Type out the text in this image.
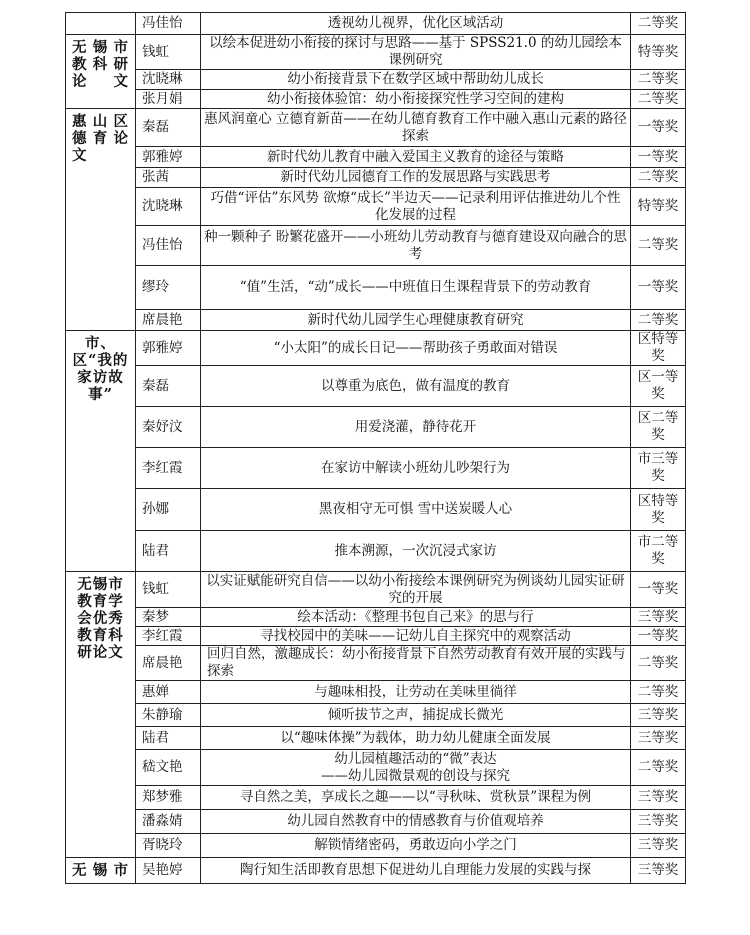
	冯佳怡	透视幼儿视界，优化区域活动	二等奖
无锡市教科研论文	钱虹	以绘本促进幼小衔接的探讨与思路——基于 SPSS21.0 的幼儿园绘本课例研究	特等奖
	沈晓琳	幼小衔接背景下在数学区域中帮助幼儿成长	二等奖
	张月娟	幼小衔接体验馆：幼小衔接探究性学习空间的建构	二等奖
惠山区德育论文	秦磊	惠风润童心 立德育新苗——在幼儿德育教育工作中融入惠山元素的路径探索	一等奖
	郭雅婷	新时代幼儿教育中融入爱国主义教育的途径与策略	一等奖
	张茜	新时代幼儿园德育工作的发展思路与实践思考	二等奖
	沈晓琳	巧借“评估”东风势 欲燎“成长”半边天——记录利用评估推进幼儿个性化发展的过程	特等奖
	冯佳怡	种一颗种子 盼繁花盛开——小班幼儿劳动教育与德育建设双向融合的思考	二等奖
	缪玲	“值”生活，“动”成长——中班值日生课程背景下的劳动教育	一等奖
	席晨艳	新时代幼儿园学生心理健康教育研究	二等奖
市、区“我的家访故事”	郭雅婷	“小太阳”的成长日记——帮助孩子勇敢面对错误	区特等奖
	秦磊	以尊重为底色，做有温度的教育	区一等奖
	秦妤汶	用爱浇灌，静待花开	区二等奖
	李红霞	在家访中解读小班幼儿吵架行为	市三等奖
	孙娜	黑夜相守无可惧 雪中送炭暖人心	区特等奖
	陆君	推本溯源，一次沉浸式家访	市二等奖
无锡市教育学会优秀教育科研论文	钱虹	以实证赋能研究自信——以幼小衔接绘本课例研究为例谈幼儿园实证研究的开展	一等奖
	秦梦	绘本活动：《整理书包自己来》的思与行	三等奖
	李红霞	寻找校园中的美味——记幼儿自主探究中的观察活动	一等奖
	席晨艳	回归自然，激趣成长：幼小衔接背景下自然劳动教育有效开展的实践与探索	二等奖
	惠婵	与趣味相投，让劳动在美味里徜徉	二等奖
	朱静瑜	倾听拔节之声，捕捉成长微光	三等奖
	陆君	以“趣味体操”为载体，助力幼儿健康全面发展	三等奖
	嵇文艳	幼儿园植趣活动的“微”表达
——幼儿园微景观的创设与探究	二等奖
	郑梦雅	寻自然之美，享成长之趣——以“寻秋味、赏秋景”课程为例	三等奖
	潘淼婧	幼儿园自然教育中的情感教育与价值观培养	三等奖
	胥晓玲	解锁情绪密码，勇敢迈向小学之门	三等奖
无锡市	吴艳婷	陶行知生活即教育思想下促进幼儿自理能力发展的实践与探	三等奖
